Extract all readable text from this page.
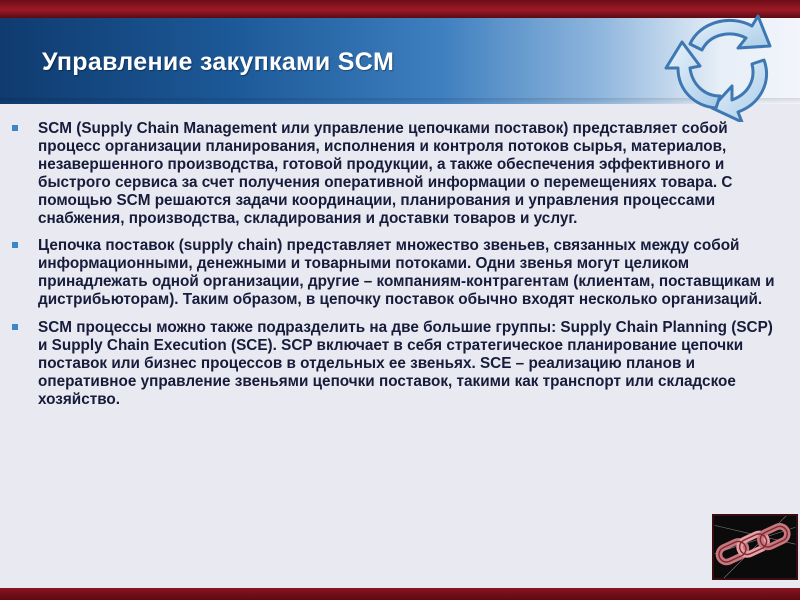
Управление закупками SCM
SCM (Supply Chain Management или управление цепочками поставок) представляет собой процесс организации планирования, исполнения и контроля потоков сырья, материалов, незавершенного производства, готовой продукции, а также обеспечения эффективного и быстрого сервиса за счет получения оперативной информации о перемещениях товара. С помощью SCM решаются задачи координации, планирования и управления процессами снабжения, производства, складирования и доставки товаров и услуг.
Цепочка поставок (supply chain) представляет множество звеньев, связанных между собой информационными, денежными и товарными потоками. Одни звенья могут целиком принадлежать одной организации, другие – компаниям-контрагентам (клиентам, поставщикам и дистрибьюторам). Таким образом, в цепочку поставок обычно входят несколько организаций.
SCM процессы можно также подразделить на две большие группы: Supply Chain Planning (SCP) и Supply Chain Execution (SCE). SCP включает в себя стратегическое планирование цепочки поставок или бизнес процессов в отдельных ее звеньях. SCE – реализацию планов и оперативное управление звеньями цепочки поставок, такими как транспорт или складское хозяйство.
